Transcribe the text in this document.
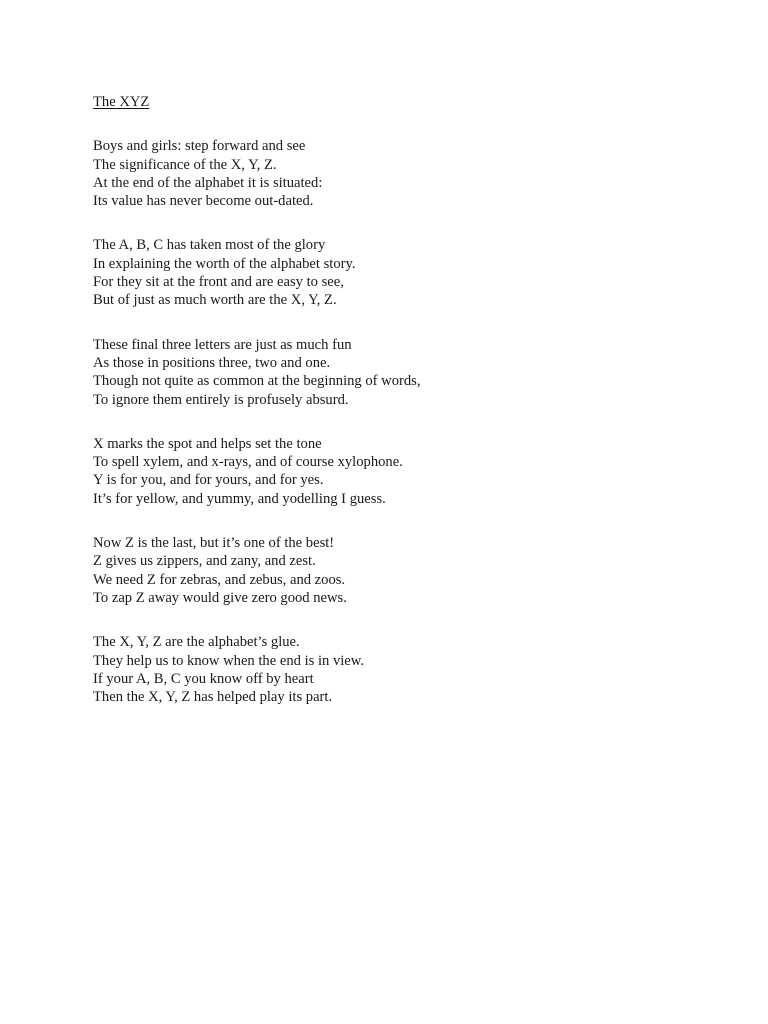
The XYZ
Boys and girls: step forward and see
The significance of the X, Y, Z.
At the end of the alphabet it is situated:
Its value has never become out-dated.
The A, B, C has taken most of the glory
In explaining the worth of the alphabet story.
For they sit at the front and are easy to see,
But of just as much worth are the X, Y, Z.
These final three letters are just as much fun
As those in positions three, two and one.
Though not quite as common at the beginning of words,
To ignore them entirely is profusely absurd.
X marks the spot and helps set the tone
To spell xylem, and x-rays, and of course xylophone.
Y is for you, and for yours, and for yes.
It’s for yellow, and yummy, and yodelling I guess.
Now Z is the last, but it’s one of the best!
Z gives us zippers, and zany, and zest.
We need Z for zebras, and zebus, and zoos.
To zap Z away would give zero good news.
The X, Y, Z are the alphabet’s glue.
They help us to know when the end is in view.
If your A, B, C you know off by heart
Then the X, Y, Z has helped play its part.
